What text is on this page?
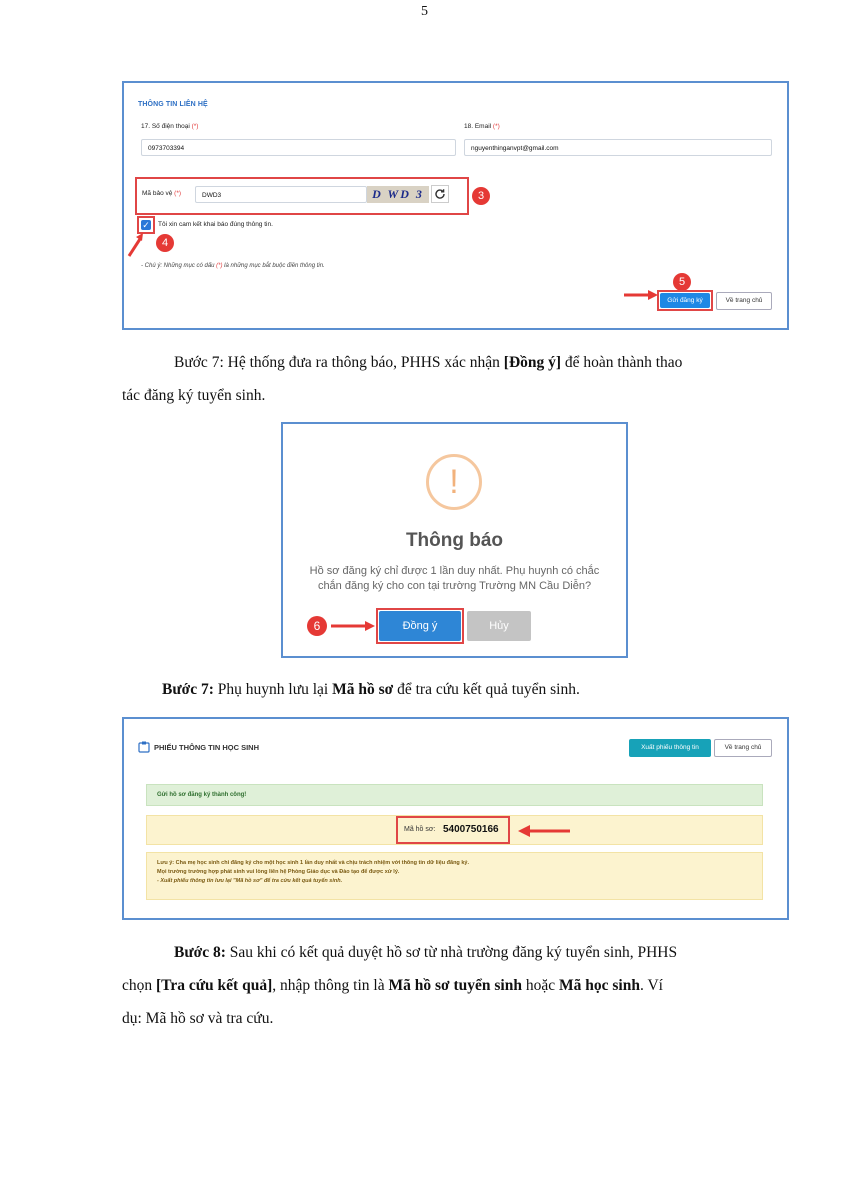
5
THÔNG TIN LIÊN HỆ
17. Số điện thoại (*)
0973703394
18. Email (*)
nguyenthinganvpt@gmail.com
Mã bảo vệ (*)	DWD3	D WD 3	3
✓ Tôi xin cam kết khai báo đúng thông tin.
4
- Chú ý: Những mục có dấu (*) là những mục bắt buộc điền thông tin.
5
Gửi đăng ký	Về trang chủ
Bước 7: Hệ thống đưa ra thông báo, PHHS xác nhận [Đồng ý] để hoàn thành thao
tác đăng ký tuyển sinh.
!
Thông báo
Hồ sơ đăng ký chỉ được 1 lần duy nhất. Phụ huynh có chắc
chắn đăng ký cho con tại trường Trường MN Cầu Diễn?
6	Đồng ý	Hủy
Bước 7: Phụ huynh lưu lại Mã hồ sơ để tra cứu kết quả tuyển sinh.
PHIẾU THÔNG TIN HỌC SINH	Xuất phiếu thông tin	Về trang chủ
Gửi hồ sơ đăng ký thành công!
Mã hồ sơ: 5400750166
Lưu ý: Cha mẹ học sinh chỉ đăng ký cho một học sinh 1 lần duy nhất và chịu trách nhiệm với thông tin dữ liệu đăng ký.
Mọi trường trường hợp phát sinh vui lòng liên hệ Phòng Giáo dục và Đào tạo để được xử lý.
- Xuất phiếu thông tin lưu lại "Mã hồ sơ" để tra cứu kết quả tuyển sinh.
Bước 8: Sau khi có kết quả duyệt hồ sơ từ nhà trường đăng ký tuyển sinh, PHHS
chọn [Tra cứu kết quả], nhập thông tin là Mã hồ sơ tuyển sinh hoặc Mã học sinh. Ví
dụ: Mã hồ sơ và tra cứu.
